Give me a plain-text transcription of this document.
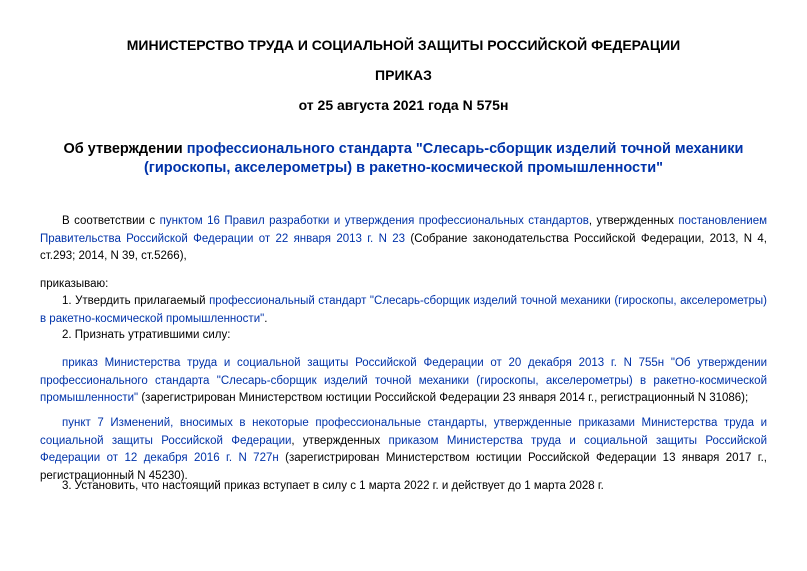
МИНИСТЕРСТВО ТРУДА И СОЦИАЛЬНОЙ ЗАЩИТЫ РОССИЙСКОЙ ФЕДЕРАЦИИ
ПРИКАЗ
от 25 августа 2021 года N 575н
Об утверждении профессионального стандарта "Слесарь-сборщик изделий точной механики (гироскопы, акселерометры) в ракетно-космической промышленности"
В соответствии с пунктом 16 Правил разработки и утверждения профессиональных стандартов, утвержденных постановлением Правительства Российской Федерации от 22 января 2013 г. N 23 (Собрание законодательства Российской Федерации, 2013, N 4, ст.293; 2014, N 39, ст.5266),
приказываю:
1. Утвердить прилагаемый профессиональный стандарт "Слесарь-сборщик изделий точной механики (гироскопы, акселерометры) в ракетно-космической промышленности".
2. Признать утратившими силу:
приказ Министерства труда и социальной защиты Российской Федерации от 20 декабря 2013 г. N 755н "Об утверждении профессионального стандарта "Слесарь-сборщик изделий точной механики (гироскопы, акселерометры) в ракетно-космической промышленности" (зарегистрирован Министерством юстиции Российской Федерации 23 января 2014 г., регистрационный N 31086);
пункт 7 Изменений, вносимых в некоторые профессиональные стандарты, утвержденные приказами Министерства труда и социальной защиты Российской Федерации, утвержденных приказом Министерства труда и социальной защиты Российской Федерации от 12 декабря 2016 г. N 727н (зарегистрирован Министерством юстиции Российской Федерации 13 января 2017 г., регистрационный N 45230).
3. Установить, что настоящий приказ вступает в силу с 1 марта 2022 г. и действует до 1 марта 2028 г.
